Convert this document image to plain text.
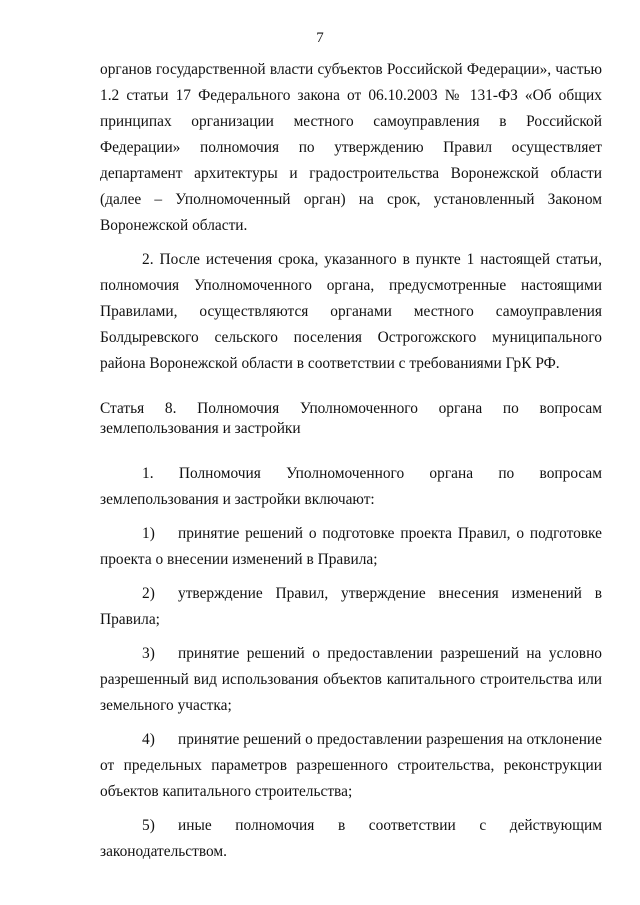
7

органов государственной власти субъектов Российской Федерации», частью 1.2 статьи 17 Федерального закона от 06.10.2003 № 131-ФЗ «Об общих принципах организации местного самоуправления в Российской Федерации» полномочия по утверждению Правил осуществляет департамент архитектуры и градостроительства Воронежской области (далее – Уполномоченный орган) на срок, установленный Законом Воронежской области.

2. После истечения срока, указанного в пункте 1 настоящей статьи, полномочия Уполномоченного органа, предусмотренные настоящими Правилами, осуществляются органами местного самоуправления Болдыревского сельского поселения Острогожского муниципального района Воронежской области в соответствии с требованиями ГрК РФ.

Статья 8. Полномочия Уполномоченного органа по вопросам землепользования и застройки

1. Полномочия Уполномоченного органа по вопросам землепользования и застройки включают:

1) принятие решений о подготовке проекта Правил, о подготовке проекта о внесении изменений в Правила;

2) утверждение Правил, утверждение внесения изменений в Правила;

3) принятие решений о предоставлении разрешений на условно разрешенный вид использования объектов капитального строительства или земельного участка;

4) принятие решений о предоставлении разрешения на отклонение от предельных параметров разрешенного строительства, реконструкции объектов капитального строительства;

5) иные полномочия в соответствии с действующим законодательством.
